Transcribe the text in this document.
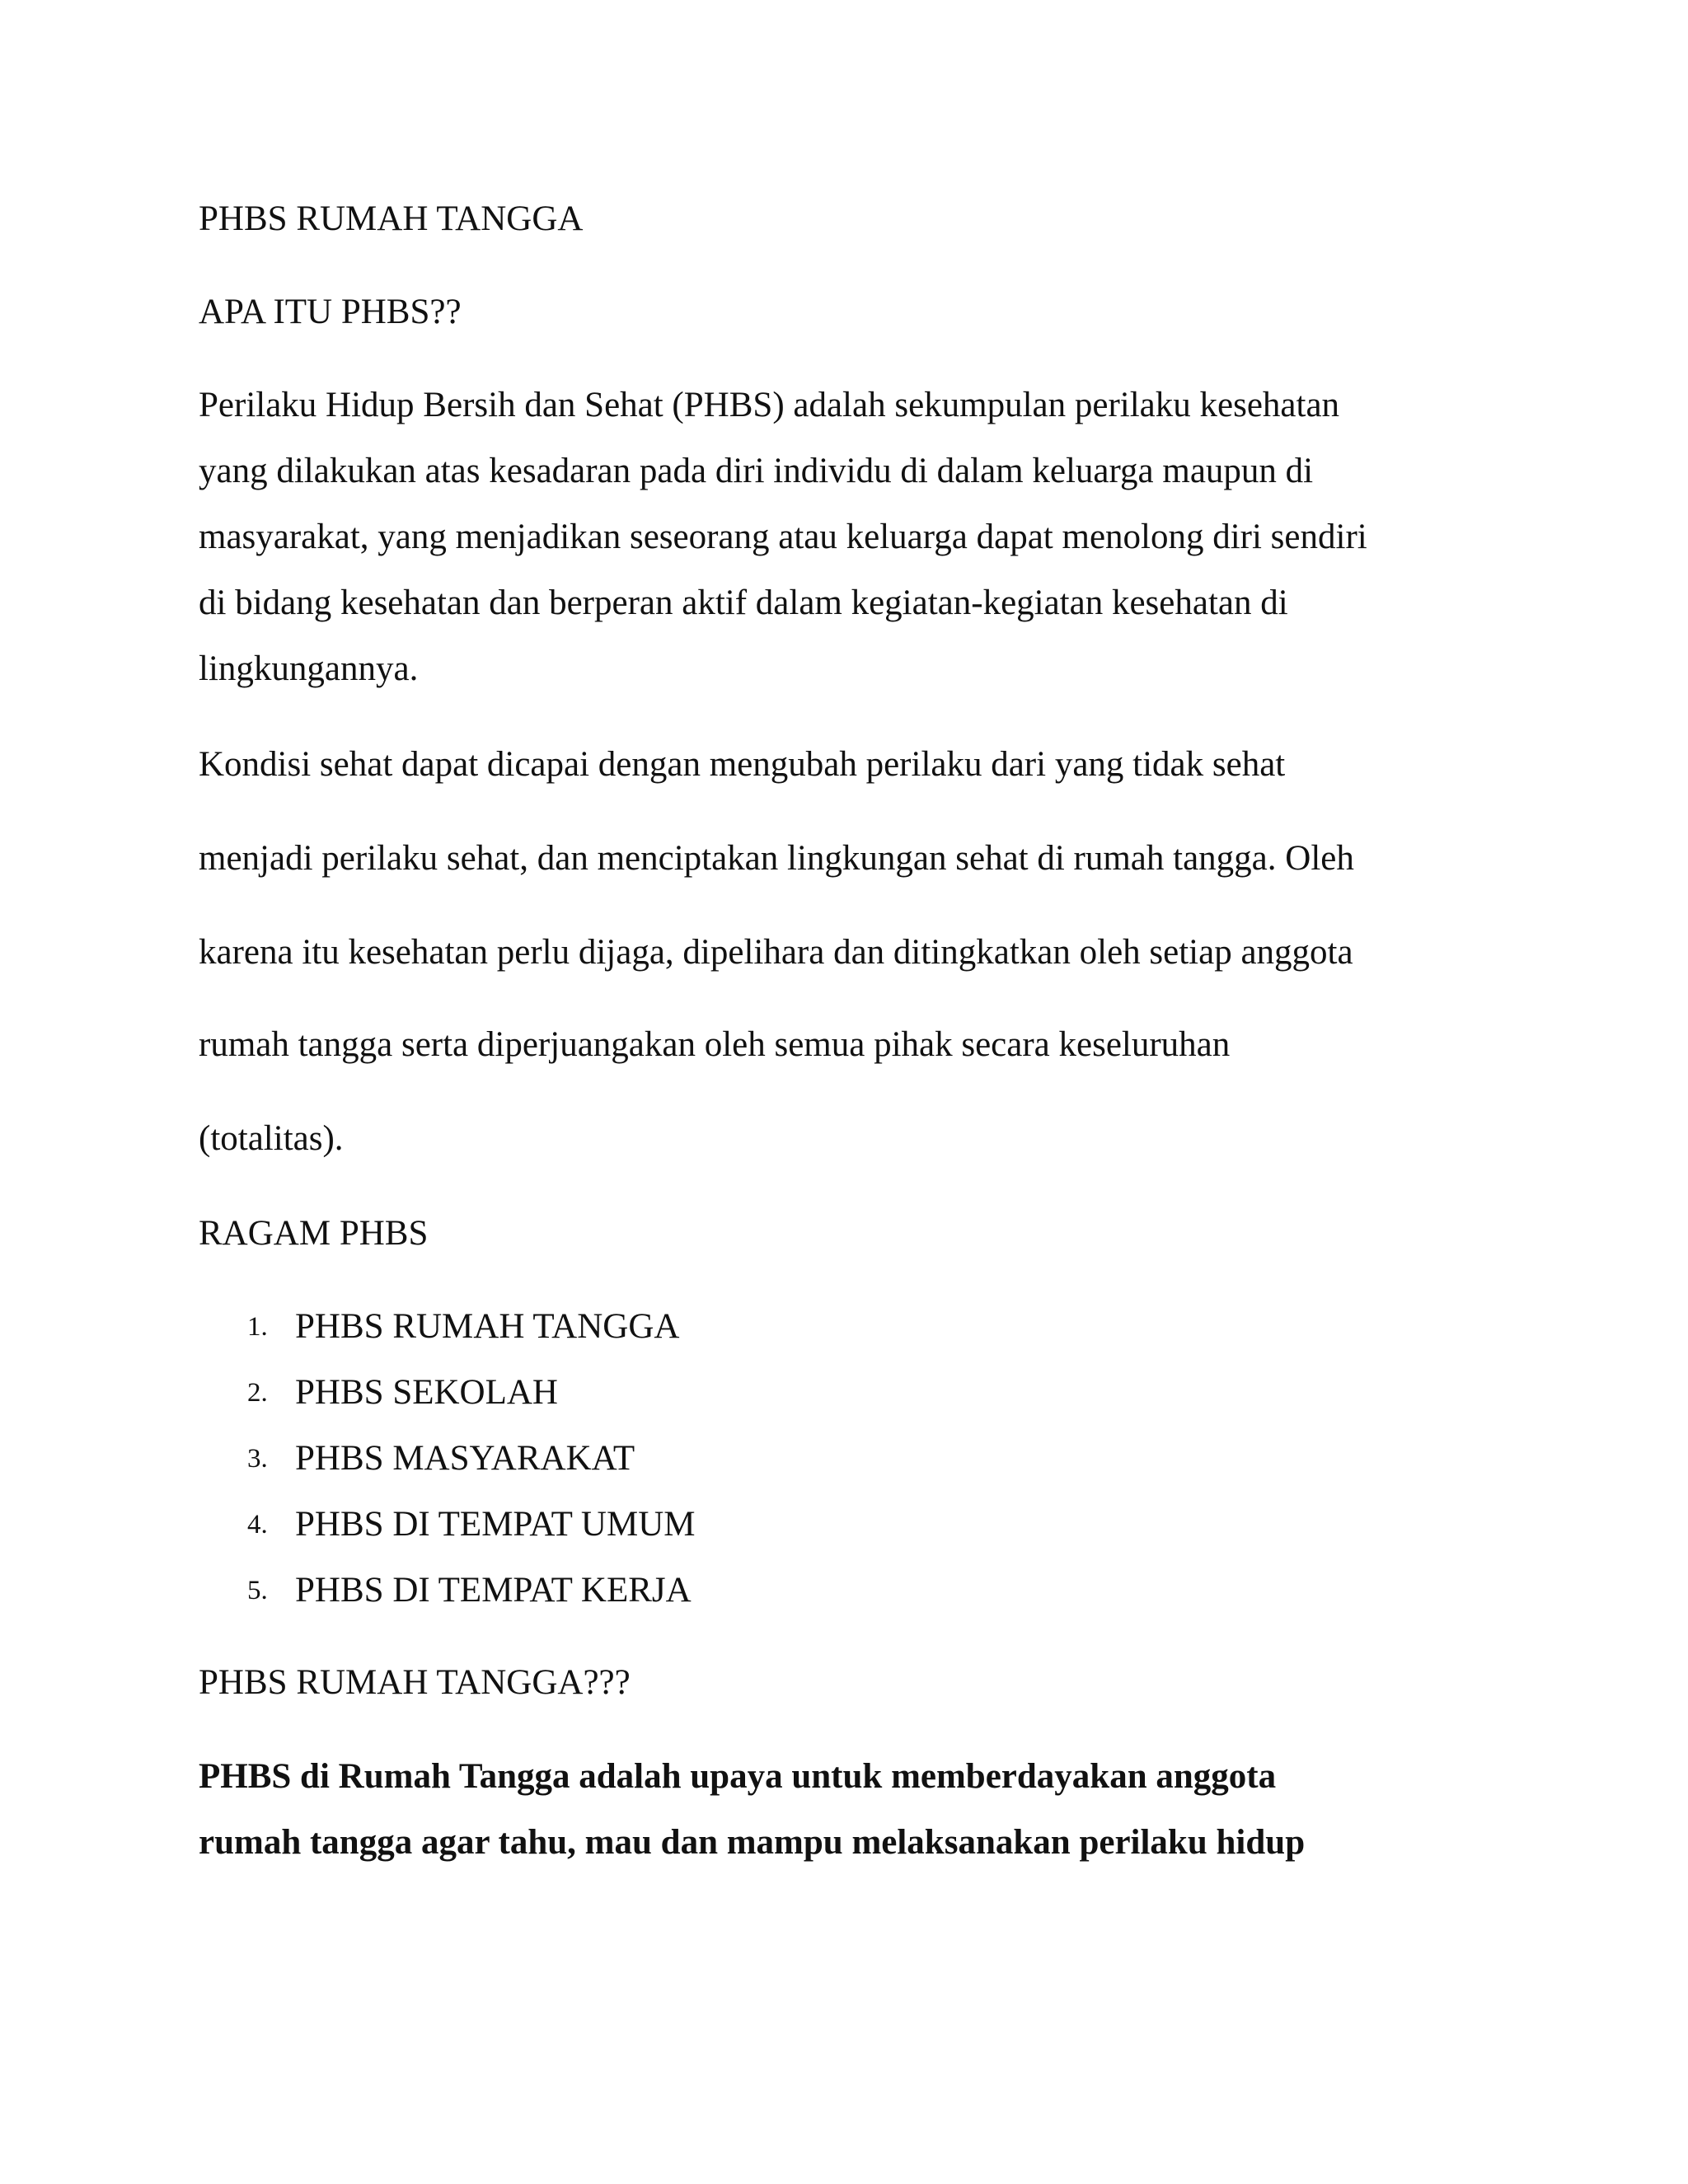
PHBS RUMAH TANGGA

APA ITU PHBS??

Perilaku Hidup Bersih dan Sehat (PHBS) adalah sekumpulan perilaku kesehatan

yang dilakukan atas kesadaran pada diri individu di dalam keluarga maupun di

masyarakat, yang menjadikan seseorang atau keluarga dapat menolong diri sendiri

di bidang kesehatan dan berperan aktif dalam kegiatan-kegiatan kesehatan di

lingkungannya.

Kondisi sehat dapat dicapai dengan mengubah perilaku dari yang tidak sehat

menjadi perilaku sehat, dan menciptakan lingkungan sehat di rumah tangga. Oleh

karena itu kesehatan perlu dijaga, dipelihara dan ditingkatkan oleh setiap anggota

rumah tangga serta diperjuangakan oleh semua pihak secara keseluruhan

(totalitas).

RAGAM PHBS

1. PHBS RUMAH TANGGA
2. PHBS SEKOLAH
3. PHBS MASYARAKAT
4. PHBS DI TEMPAT UMUM
5. PHBS DI TEMPAT KERJA

PHBS RUMAH TANGGA???

PHBS di Rumah Tangga adalah upaya untuk memberdayakan anggota

rumah tangga agar tahu, mau dan mampu melaksanakan perilaku hidup
